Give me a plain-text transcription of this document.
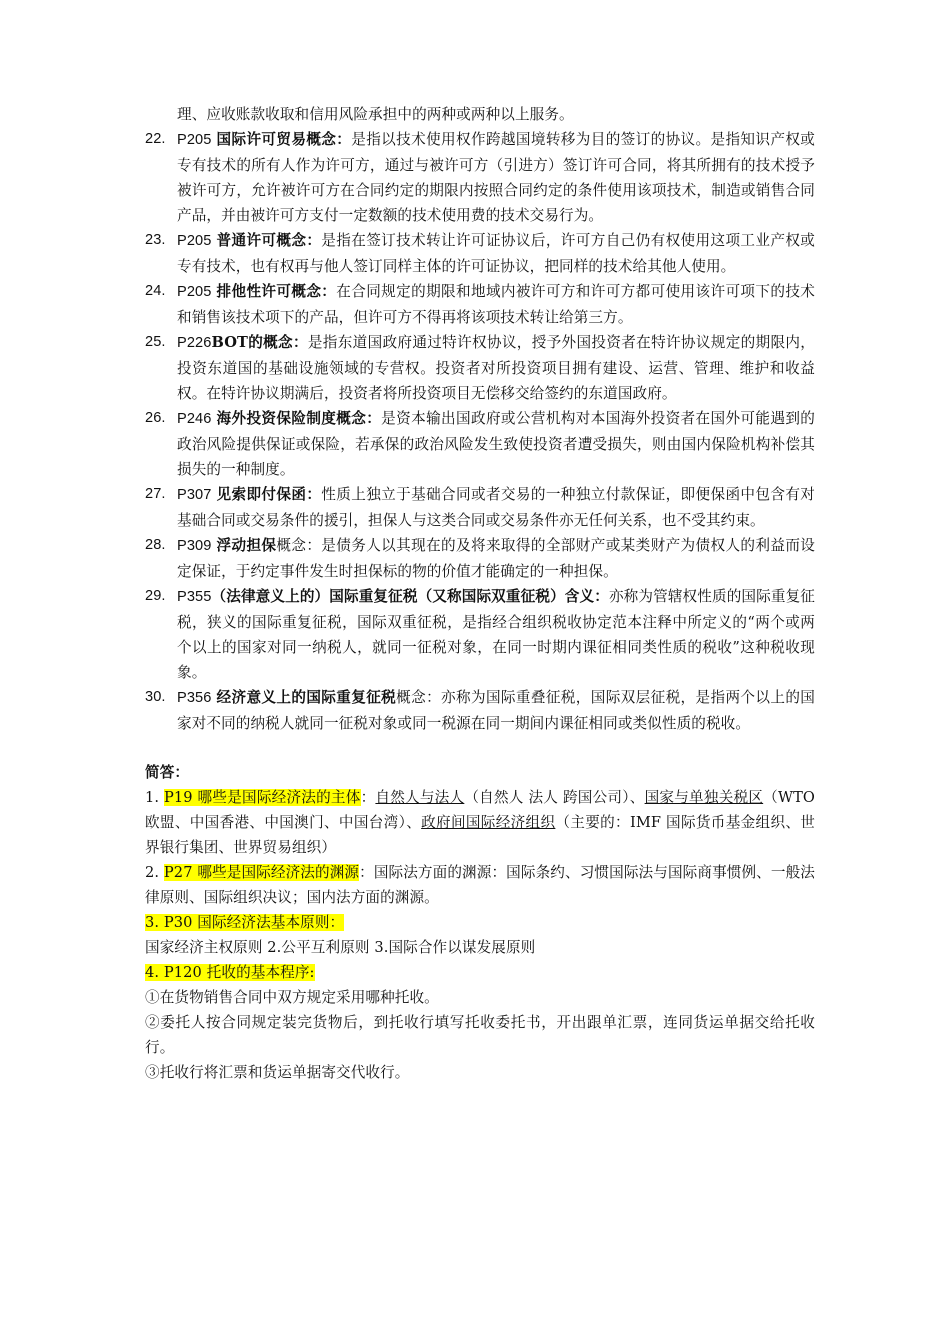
理、应收账款收取和信用风险承担中的两种或两种以上服务。
22. P205 国际许可贸易概念：是指以技术使用权作跨越国境转移为目的签订的协议。是指知识产权或专有技术的所有人作为许可方，通过与被许可方（引进方）签订许可合同，将其所拥有的技术授予被许可方，允许被许可方在合同约定的期限内按照合同约定的条件使用该项技术，制造或销售合同产品，并由被许可方支付一定数额的技术使用费的技术交易行为。
23. P205 普通许可概念：是指在签订技术转让许可证协议后，许可方自己仍有权使用这项工业产权或专有技术，也有权再与他人签订同样主体的许可证协议，把同样的技术给其他人使用。
24. P205 排他性许可概念：在合同规定的期限和地域内被许可方和许可方都可使用该许可项下的技术和销售该技术项下的产品，但许可方不得再将该项技术转让给第三方。
25. P226BOT的概念：是指东道国政府通过特许权协议，授予外国投资者在特许协议规定的期限内，投资东道国的基础设施领域的专营权。投资者对所投资项目拥有建设、运营、管理、维护和收益权。在特许协议期满后，投资者将所投资项目无偿移交给签约的东道国政府。
26. P246 海外投资保险制度概念：是资本输出国政府或公营机构对本国海外投资者在国外可能遇到的政治风险提供保证或保险，若承保的政治风险发生致使投资者遭受损失，则由国内保险机构补偿其损失的一种制度。
27. P307 见索即付保函：性质上独立于基础合同或者交易的一种独立付款保证，即便保函中包含有对基础合同或交易条件的援引，担保人与这类合同或交易条件亦无任何关系，也不受其约束。
28. P309 浮动担保概念：是债务人以其现在的及将来取得的全部财产或某类财产为债权人的利益而设定保证，于约定事件发生时担保标的物的价值才能确定的一种担保。
29. P355（法律意义上的）国际重复征税（又称国际双重征税）含义：亦称为管辖权性质的国际重复征税，狭义的国际重复征税，国际双重征税，是指经合组织税收协定范本注释中所定义的“两个或两个以上的国家对同一纳税人，就同一征税对象，在同一时期内课征相同类性质的税收”这种税收现象。
30. P356 经济意义上的国际重复征税概念：亦称为国际重叠征税，国际双层征税，是指两个以上的国家对不同的纳税人就同一征税对象或同一税源在同一期间内课征相同或类似性质的税收。
简答：

1. P19 哪些是国际经济法的主体：自然人与法人（自然人 法人 跨国公司）、国家与单独关税区（WTO 欧盟、中国香港、中国澳门、中国台湾）、政府间国际经济组织（主要的：IMF 国际货币基金组织、世界银行集团、世界贸易组织）

2. P27 哪些是国际经济法的渊源：国际法方面的渊源：国际条约、习惯国际法与国际商事惯例、一般法律原则、国际组织决议；国内法方面的渊源。

3. P30 国际经济法基本原则：

国家经济主权原则 2.公平互利原则 3.国际合作以谋发展原则

4. P120 托收的基本程序:

①在货物销售合同中双方规定采用哪种托收。

②委托人按合同规定装完货物后，到托收行填写托收委托书，开出跟单汇票，连同货运单据交给托收行。

③托收行将汇票和货运单据寄交代收行。
